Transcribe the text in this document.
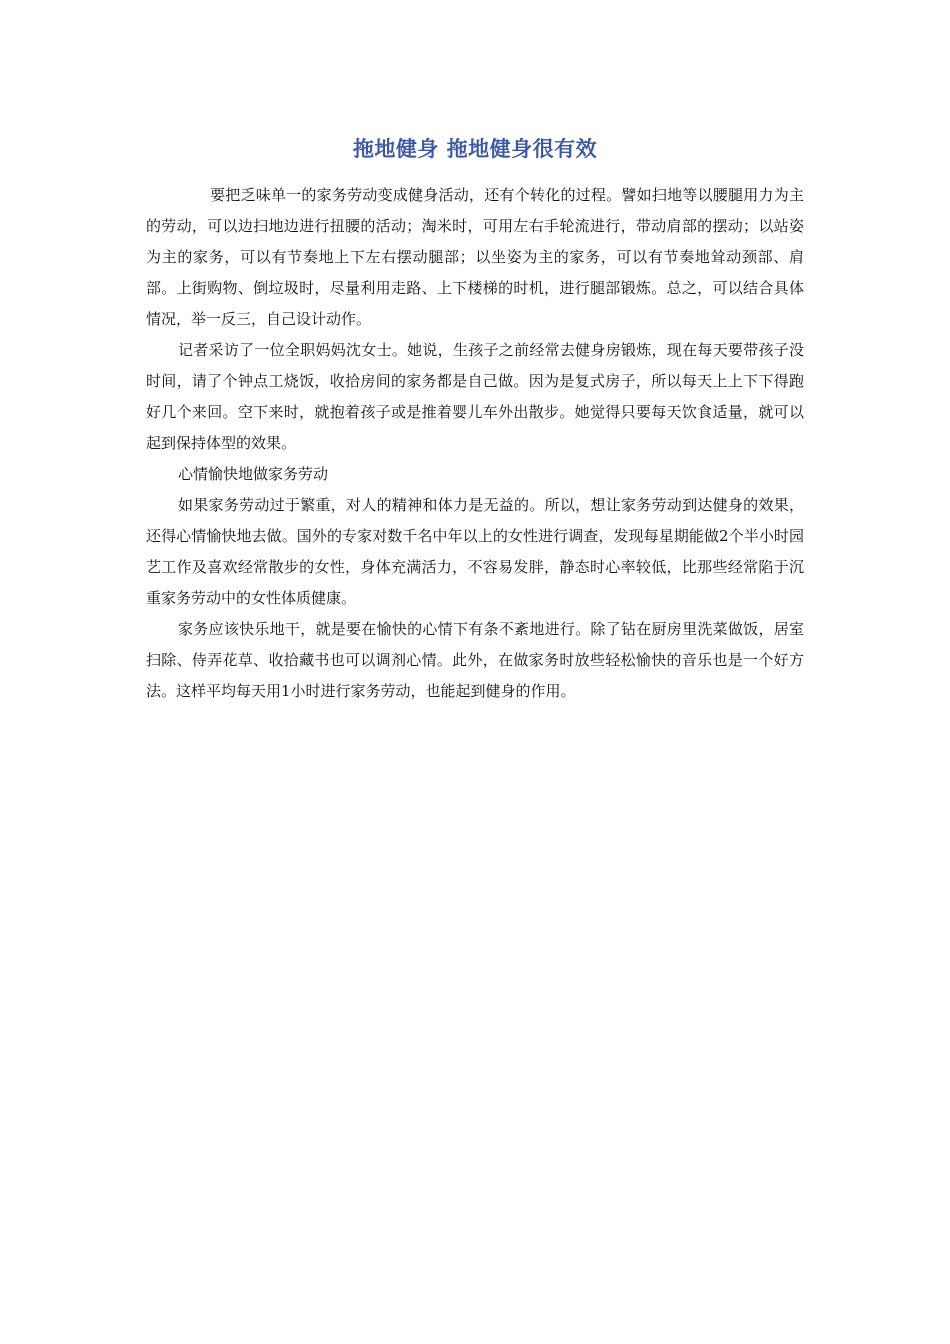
拖地健身 拖地健身很有效

要把乏味单一的家务劳动变成健身活动，还有个转化的过程。譬如扫地等以腰腿用力为主的劳动，可以边扫地边进行扭腰的活动；淘米时，可用左右手轮流进行，带动肩部的摆动；以站姿为主的家务，可以有节奏地上下左右摆动腿部；以坐姿为主的家务，可以有节奏地耸动颈部、肩部。上街购物、倒垃圾时，尽量利用走路、上下楼梯的时机，进行腿部锻炼。总之，可以结合具体情况，举一反三，自己设计动作。

记者采访了一位全职妈妈沈女士。她说，生孩子之前经常去健身房锻炼，现在每天要带孩子没时间，请了个钟点工烧饭，收拾房间的家务都是自己做。因为是复式房子，所以每天上上下下得跑好几个来回。空下来时，就抱着孩子或是推着婴儿车外出散步。她觉得只要每天饮食适量，就可以起到保持体型的效果。

心情愉快地做家务劳动

如果家务劳动过于繁重，对人的精神和体力是无益的。所以，想让家务劳动到达健身的效果，还得心情愉快地去做。国外的专家对数千名中年以上的女性进行调查，发现每星期能做2个半小时园艺工作及喜欢经常散步的女性，身体充满活力，不容易发胖，静态时心率较低，比那些经常陷于沉重家务劳动中的女性体质健康。

家务应该快乐地干，就是要在愉快的心情下有条不紊地进行。除了钻在厨房里洗菜做饭，居室扫除、侍弄花草、收拾藏书也可以调剂心情。此外，在做家务时放些轻松愉快的音乐也是一个好方法。这样平均每天用1小时进行家务劳动，也能起到健身的作用。
